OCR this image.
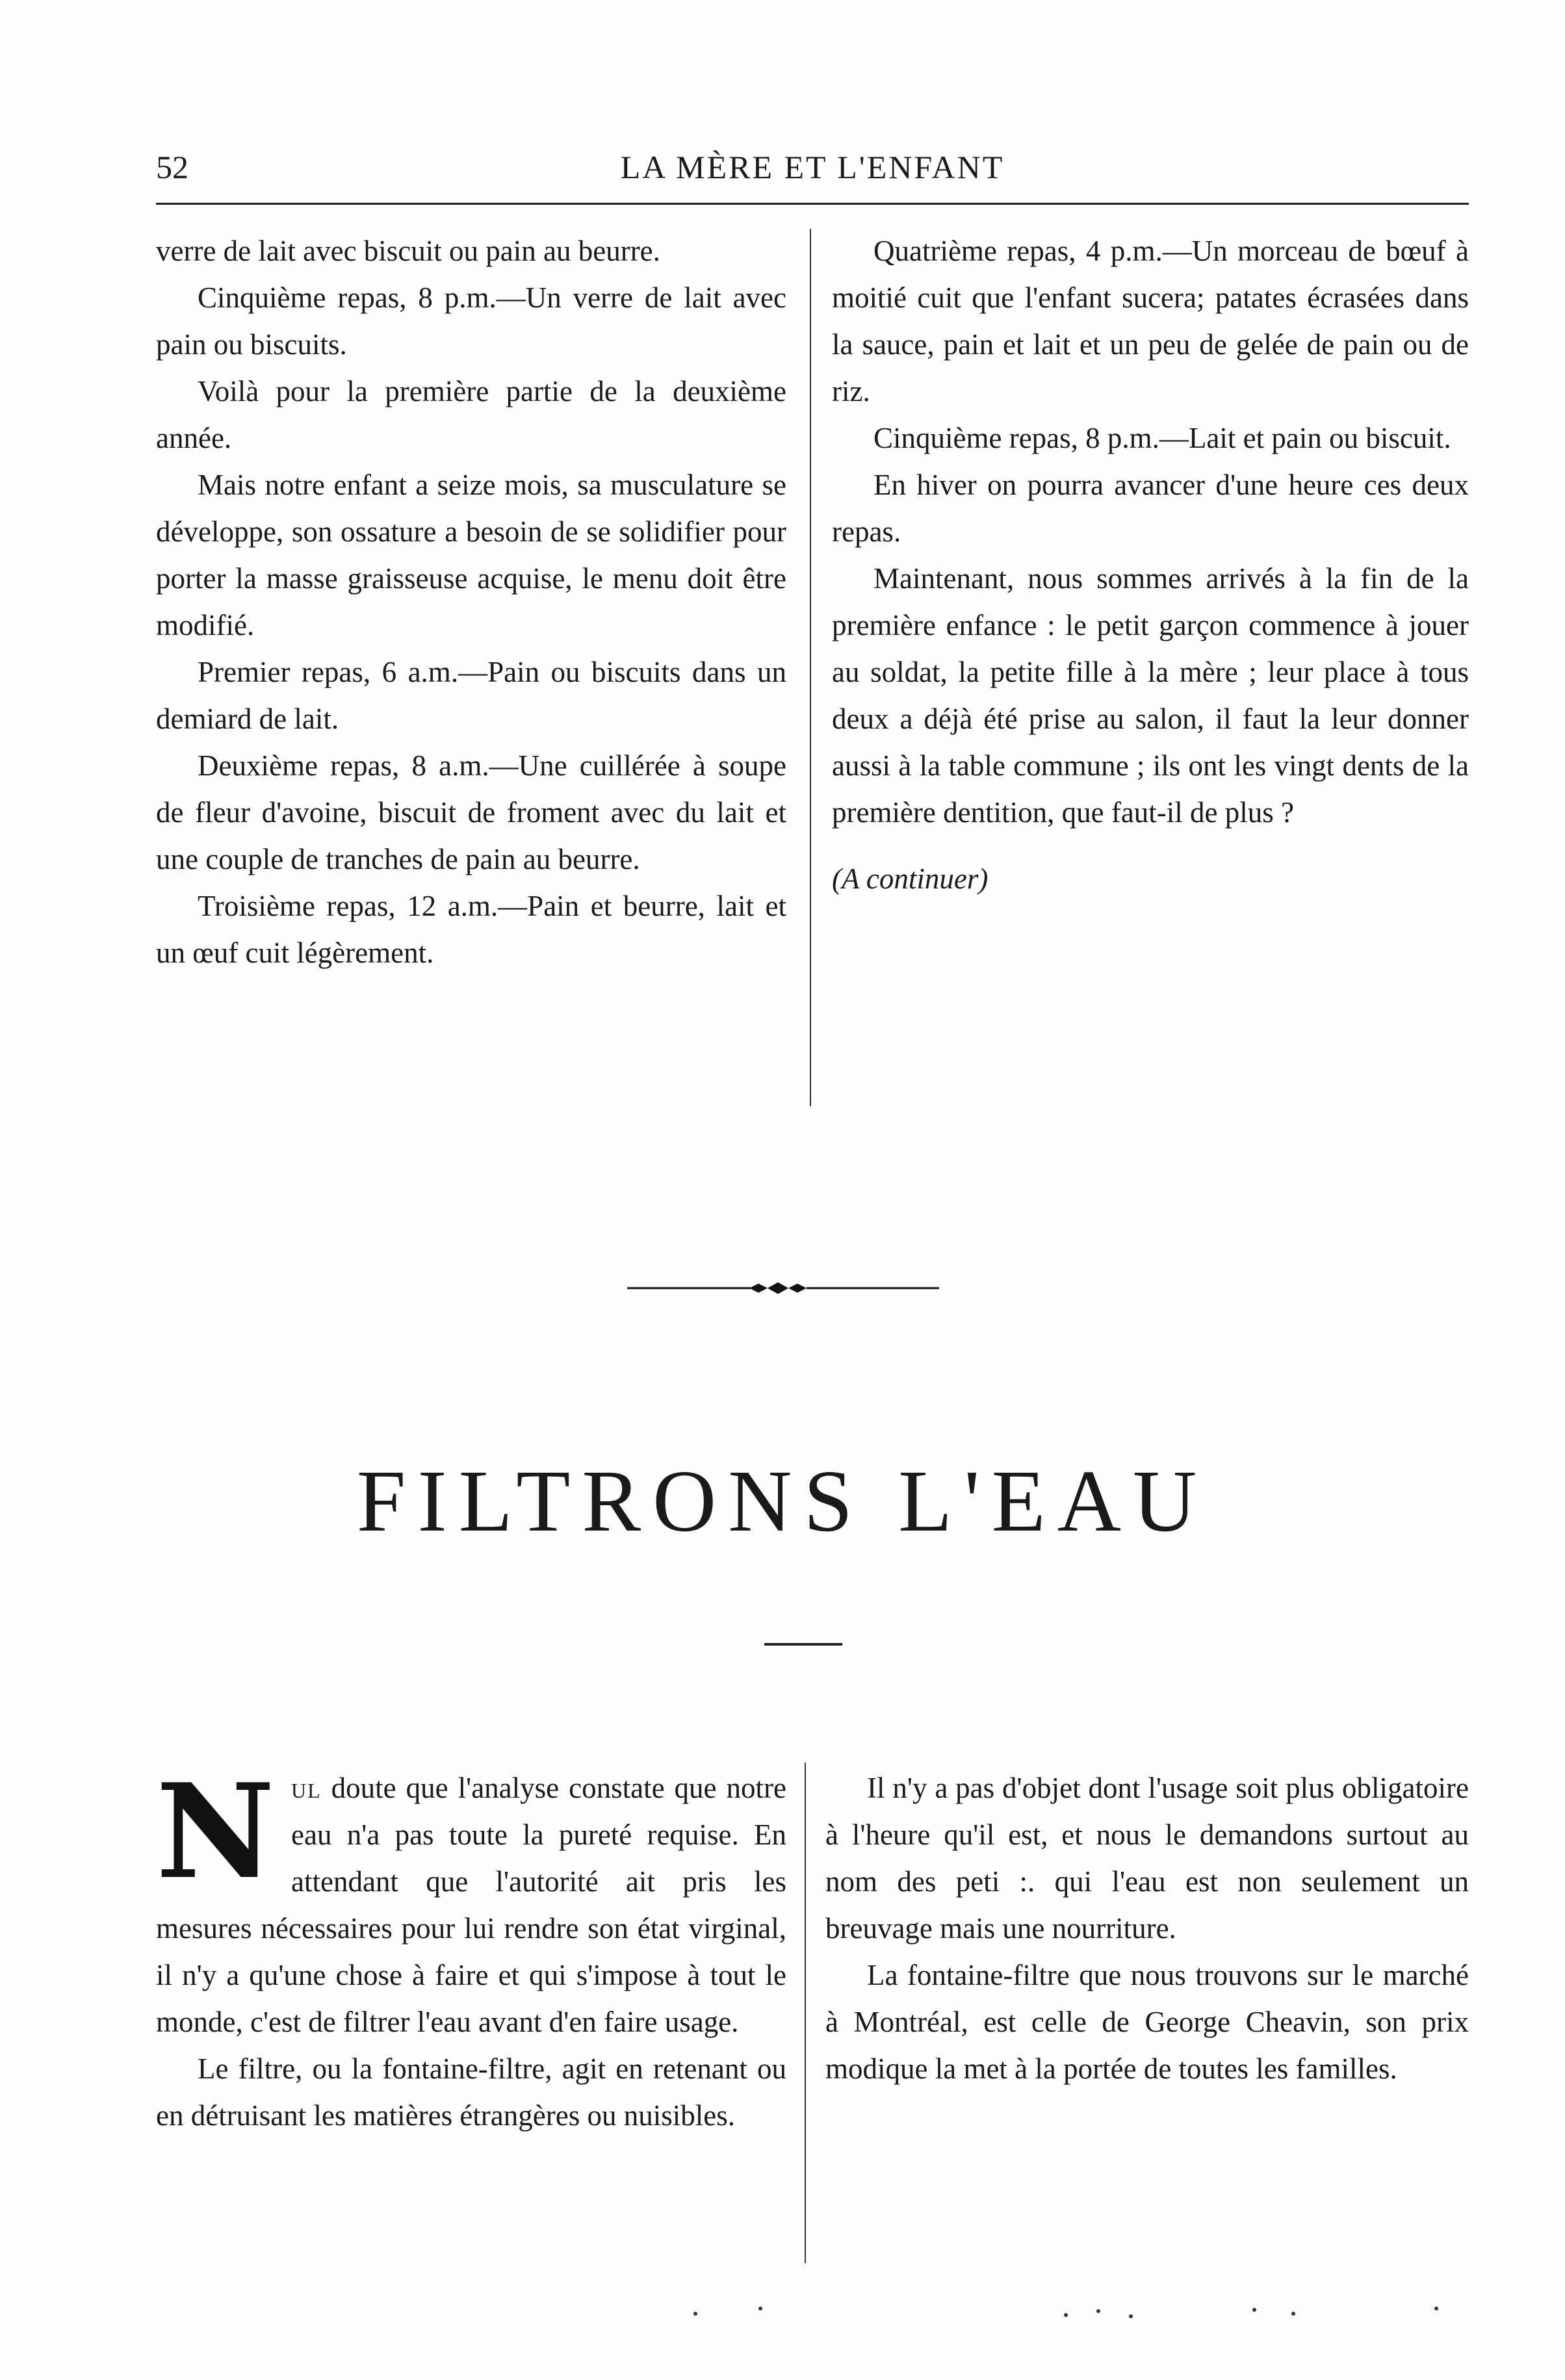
52	LA MÈRE ET L'ENFANT

verre de lait avec biscuit ou pain au beurre.

Cinquième repas, 8 p.m.—Un verre de lait avec pain ou biscuits.

Voilà pour la première partie de la deuxième année.

Mais notre enfant a seize mois, sa musculature se développe, son ossature a besoin de se solidifier pour porter la masse graisseuse acquise, le menu doit être modifié.

Premier repas, 6 a.m.—Pain ou biscuits dans un demiard de lait.

Deuxième repas, 8 a.m.—Une cuillérée à soupe de fleur d'avoine, biscuit de froment avec du lait et une couple de tranches de pain au beurre.

Troisième repas, 12 a.m.—Pain et beurre, lait et un œuf cuit légèrement.

Quatrième repas, 4 p.m.—Un morceau de bœuf à moitié cuit que l'enfant sucera; patates écrasées dans la sauce, pain et lait et un peu de gelée de pain ou de riz.

Cinquième repas, 8 p.m.—Lait et pain ou biscuit.

En hiver on pourra avancer d'une heure ces deux repas.

Maintenant, nous sommes arrivés à la fin de la première enfance : le petit garçon commence à jouer au soldat, la petite fille à la mère ; leur place à tous deux a déjà été prise au salon, il faut la leur donner aussi à la table commune ; ils ont les vingt dents de la première dentition, que faut-il de plus ?

(A continuer)

FILTRONS L'EAU

Nul doute que l'analyse constate que notre eau n'a pas toute la pureté requise. En attendant que l'autorité ait pris les mesures nécessaires pour lui rendre son état virginal, il n'y a qu'une chose à faire et qui s'impose à tout le monde, c'est de filtrer l'eau avant d'en faire usage.

Le filtre, ou la fontaine-filtre, agit en retenant ou en détruisant les matières étrangères ou nuisibles.

Il n'y a pas d'objet dont l'usage soit plus obligatoire à l'heure qu'il est, et nous le demandons surtout au nom des peti :. qui l'eau est non seulement un breuvage mais une nourriture.

La fontaine-filtre que nous trouvons sur le marché à Montréal, est celle de George Cheavin, son prix modique la met à la portée de toutes les familles.
